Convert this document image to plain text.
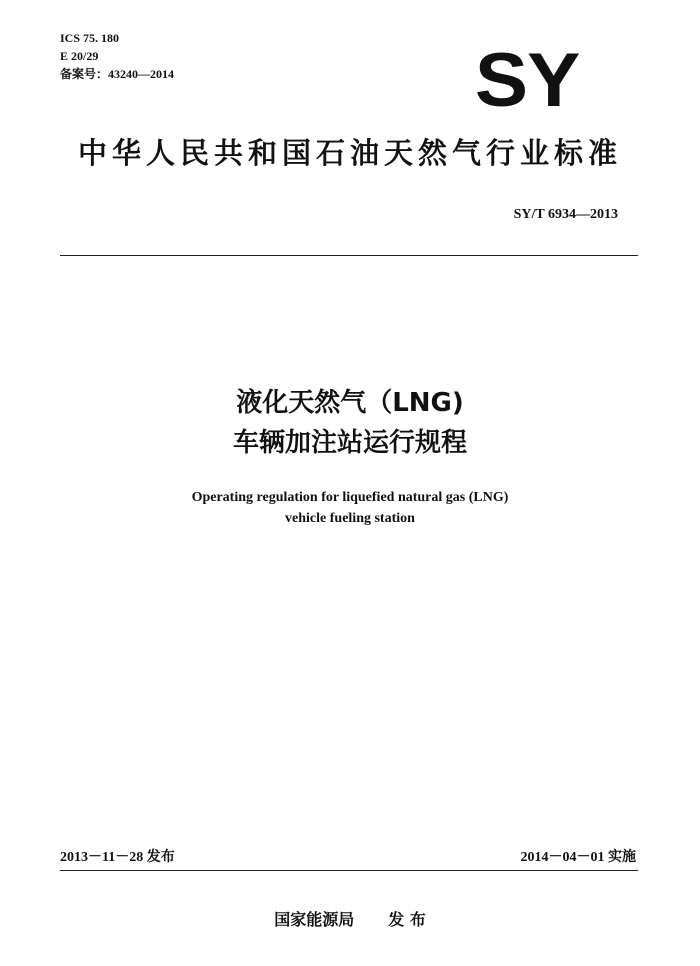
ICS 75. 180
E 20/29
备案号：43240—2014	SY
中华人民共和国石油天然气行业标准
SY/T 6934—2013
液化天然气（LNG)
车辆加注站运行规程
Operating regulation for liquefied natural gas (LNG)
vehicle fueling station
2013－11－28 发布	2014－04－01 实施
国家能源局 发 布
